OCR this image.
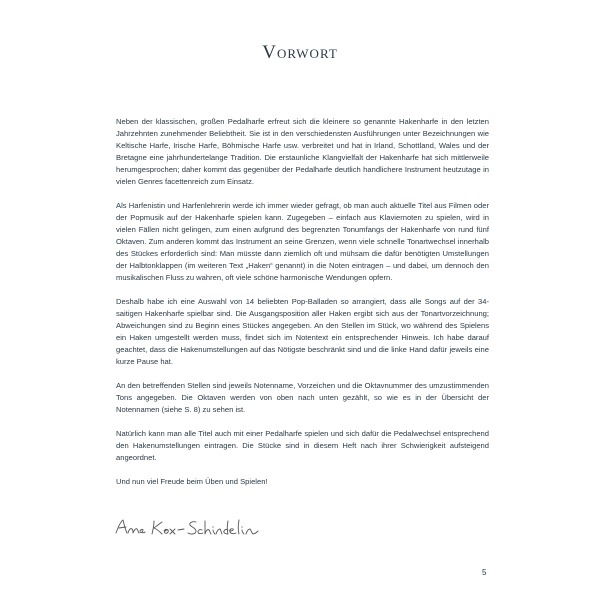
Vorwort

Neben der klassischen, großen Pedalharfe erfreut sich die kleinere so genannte Hakenharfe in den letzten Jahrzehnten zunehmender Beliebtheit. Sie ist in den verschiedensten Ausführungen unter Bezeichnungen wie Keltische Harfe, Irische Harfe, Böhmische Harfe usw. verbreitet und hat in Irland, Schottland, Wales und der Bretagne eine jahrhundertelange Tradition. Die erstaunliche Klangvielfalt der Hakenharfe hat sich mittlerweile herumgesprochen; daher kommt das gegenüber der Pedalharfe deutlich handlichere Instrument heutzutage in vielen Genres facettenreich zum Einsatz.

Als Harfenistin und Harfenlehrerin werde ich immer wieder gefragt, ob man auch aktuelle Titel aus Filmen oder der Popmusik auf der Hakenharfe spielen kann. Zugegeben – einfach aus Klaviernoten zu spielen, wird in vielen Fällen nicht gelingen, zum einen aufgrund des begrenzten Tonumfangs der Hakenharfe von rund fünf Oktaven. Zum anderen kommt das Instrument an seine Grenzen, wenn viele schnelle Tonartwechsel innerhalb des Stückes erforderlich sind: Man müsste dann ziemlich oft und mühsam die dafür benötigten Umstellungen der Halbtonklappen (im weiteren Text „Haken“ genannt) in die Noten eintragen – und dabei, um dennoch den musikalischen Fluss zu wahren, oft viele schöne harmonische Wendungen opfern.

Deshalb habe ich eine Auswahl von 14 beliebten Pop-Balladen so arrangiert, dass alle Songs auf der 34-saitigen Hakenharfe spielbar sind. Die Ausgangsposition aller Haken ergibt sich aus der Tonartvorzeichnung; Abweichungen sind zu Beginn eines Stückes angegeben. An den Stellen im Stück, wo während des Spielens ein Haken umgestellt werden muss, findet sich im Notentext ein entsprechender Hinweis. Ich habe darauf geachtet, dass die Hakenumstellungen auf das Nötigste beschränkt sind und die linke Hand dafür jeweils eine kurze Pause hat.

An den betreffenden Stellen sind jeweils Notenname, Vorzeichen und die Oktavnummer des umzustimmenden Tons angegeben. Die Oktaven werden von oben nach unten gezählt, so wie es in der Übersicht der Notennamen (siehe S. 8) zu sehen ist.

Natürlich kann man alle Titel auch mit einer Pedalharfe spielen und sich dafür die Pedalwechsel entsprechend den Hakenumstellungen eintragen. Die Stücke sind in diesem Heft nach ihrer Schwierigkeit aufsteigend angeordnet.

Und nun viel Freude beim Üben und Spielen!

5
